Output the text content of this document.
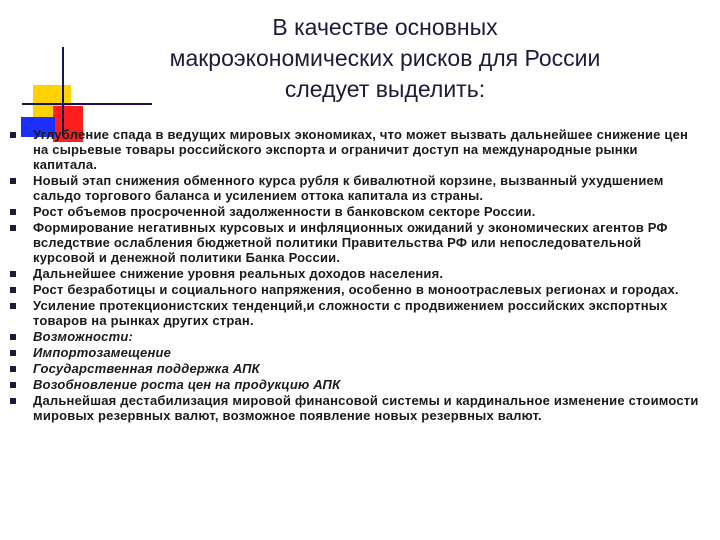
В качестве основных
макроэкономических рисков для России
следует выделить:
Углубление спада в ведущих мировых экономиках, что может вызвать дальнейшее снижение цен на сырьевые товары российского экспорта и ограничит доступ на международные рынки капитала.
Новый этап снижения обменного курса рубля к бивалютной корзине, вызванный ухудшением сальдо торгового баланса и усилением оттока капитала из страны.
Рост объемов просроченной задолженности в банковском секторе России.
Формирование негативных курсовых и инфляционных ожиданий у экономических агентов РФ вследствие ослабления бюджетной политики Правительства РФ или непоследовательной курсовой и денежной политики Банка России.
Дальнейшее снижение уровня реальных доходов населения.
Рост безработицы и социального напряжения, особенно в моноотраслевых регионах и городах.
Усиление протекционистских тенденций,и сложности с продвижением российских экспортных товаров на рынках других стран.
Возможности:
Импортозамещение
Государственная поддержка АПК
Возобновление роста цен на продукцию АПК
Дальнейшая дестабилизация мировой финансовой системы и кардинальное изменение стоимости мировых резервных валют, возможное появление новых резервных валют.
